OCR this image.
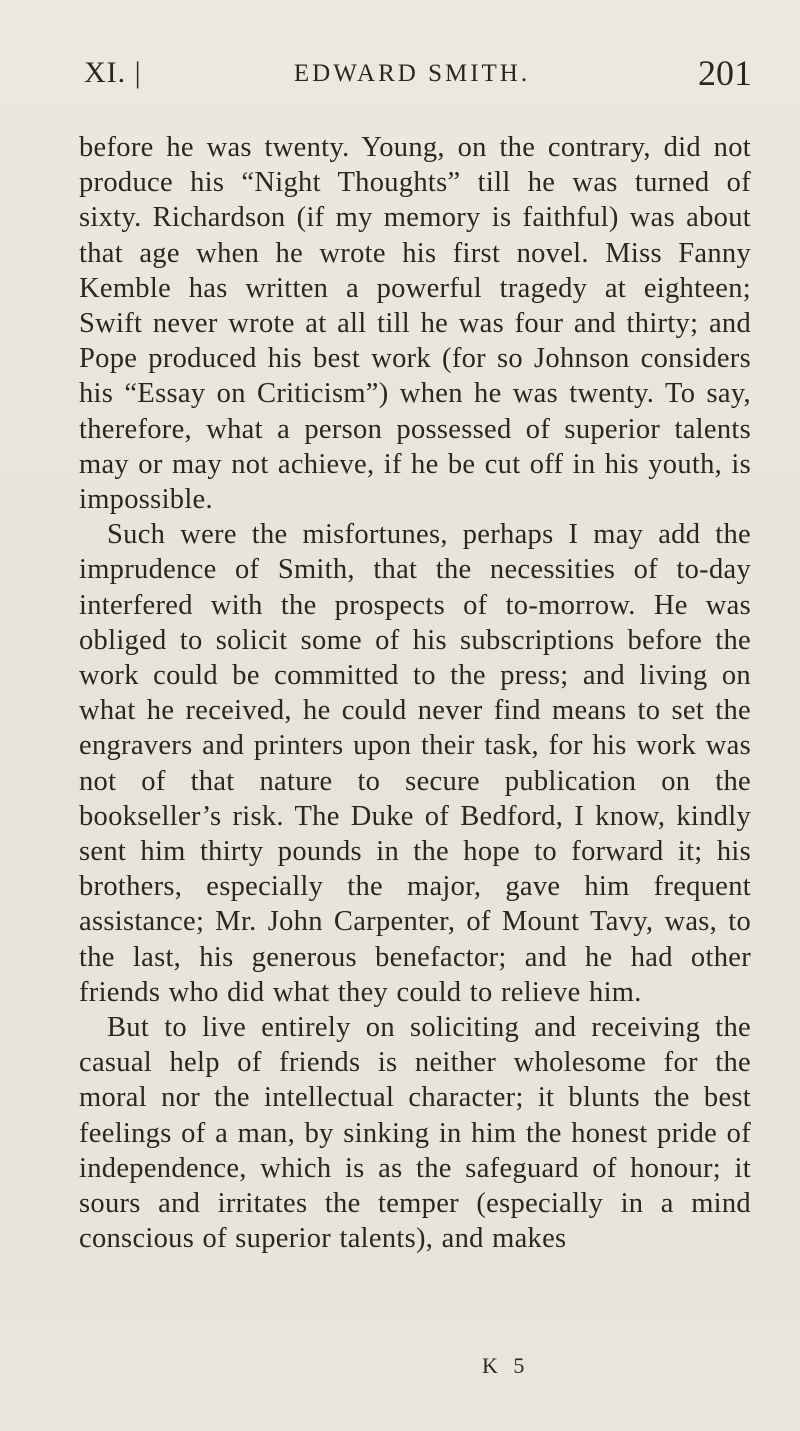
XI. |	EDWARD SMITH.	201

before he was twenty. Young, on the contrary, did not produce his “Night Thoughts” till he was turned of sixty. Richardson (if my memory is faithful) was about that age when he wrote his first novel. Miss Fanny Kemble has written a powerful tragedy at eighteen; Swift never wrote at all till he was four and thirty; and Pope produced his best work (for so Johnson considers his “Essay on Criticism”) when he was twenty. To say, therefore, what a person possessed of superior talents may or may not achieve, if he be cut off in his youth, is impossible.

Such were the misfortunes, perhaps I may add the imprudence of Smith, that the necessities of to-day interfered with the prospects of to-morrow. He was obliged to solicit some of his subscriptions before the work could be committed to the press; and living on what he received, he could never find means to set the engravers and printers upon their task, for his work was not of that nature to secure publication on the bookseller’s risk. The Duke of Bedford, I know, kindly sent him thirty pounds in the hope to forward it; his brothers, especially the major, gave him frequent assistance; Mr. John Carpenter, of Mount Tavy, was, to the last, his generous benefactor; and he had other friends who did what they could to relieve him.

But to live entirely on soliciting and receiving the casual help of friends is neither wholesome for the moral nor the intellectual character; it blunts the best feelings of a man, by sinking in him the honest pride of independence, which is as the safeguard of honour; it sours and irritates the temper (especially in a mind conscious of superior talents), and makes

K 5
